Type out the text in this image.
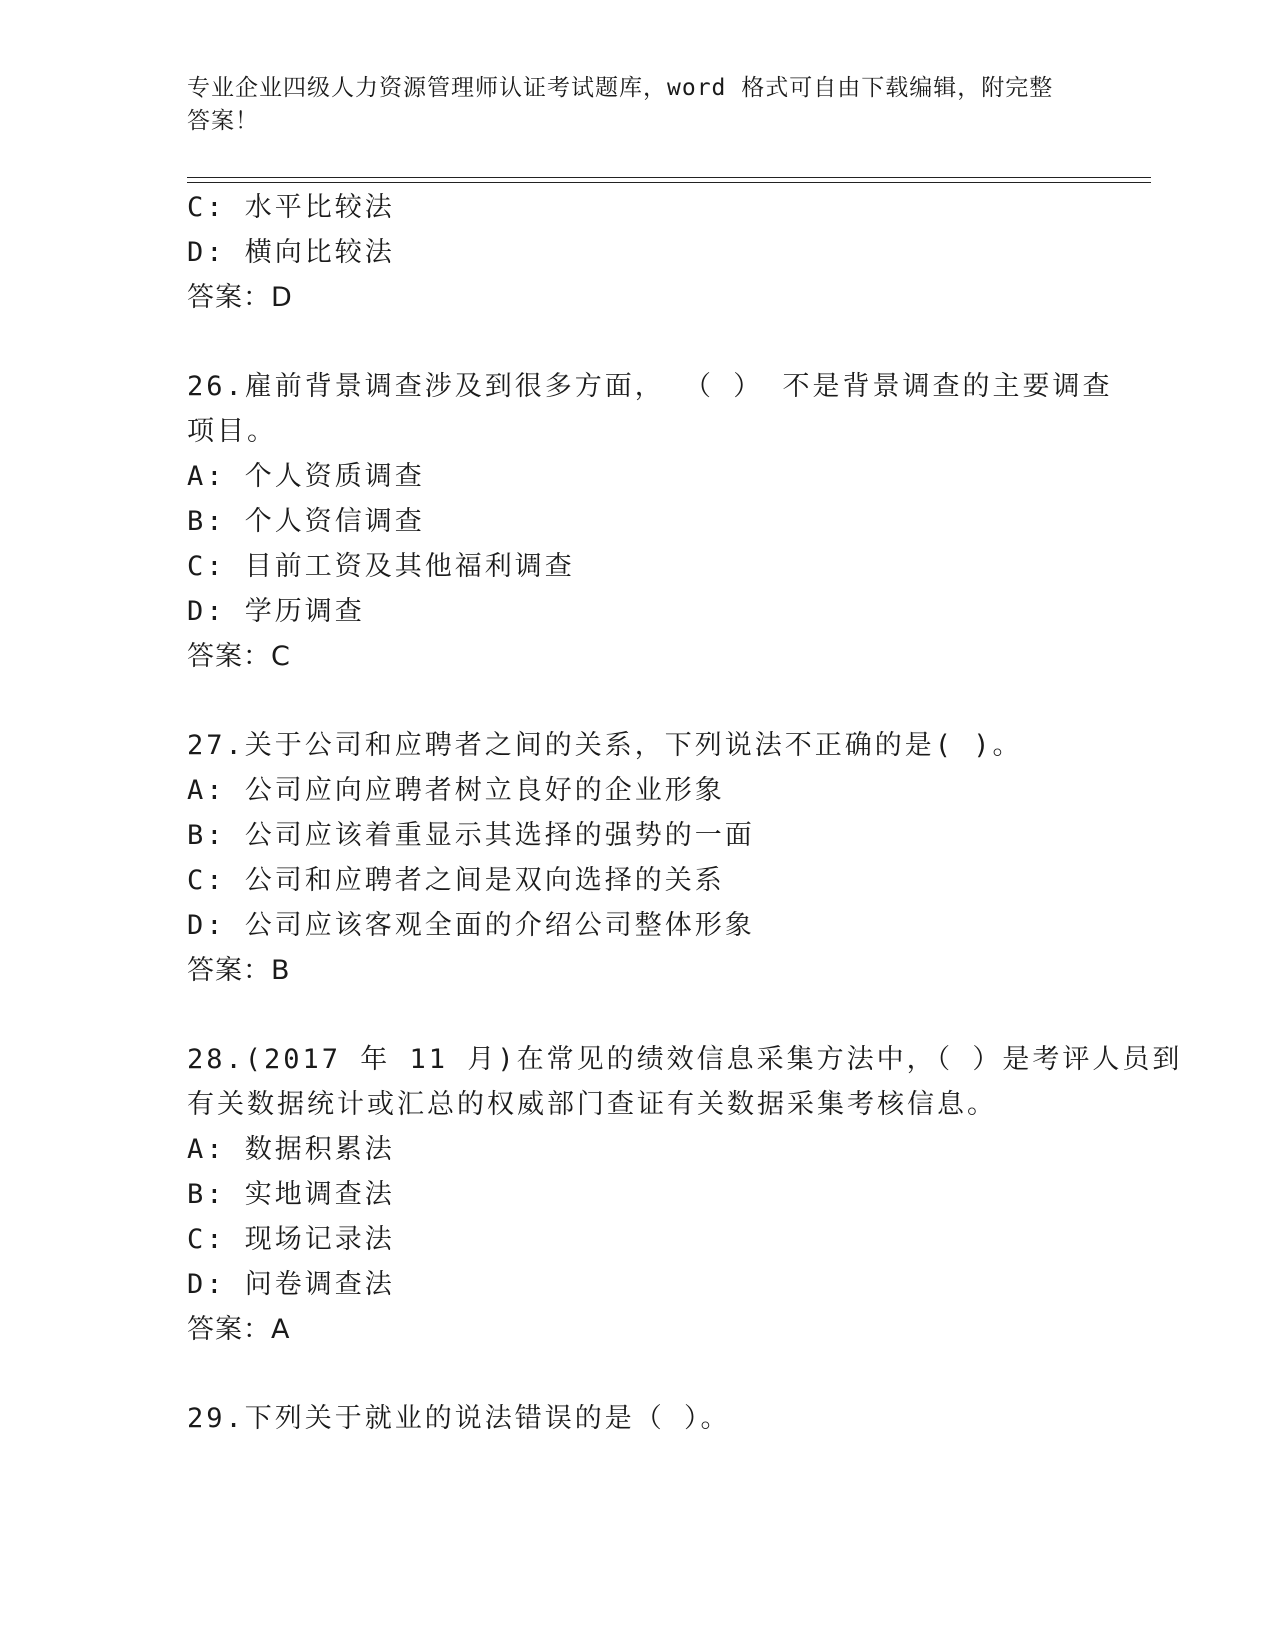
专业企业四级人力资源管理师认证考试题库，word 格式可自由下载编辑，附完整答案！
C: 水平比较法
D: 横向比较法
答案：D
26.雇前背景调查涉及到很多方面， （ ） 不是背景调查的主要调查
项目。
A: 个人资质调查
B: 个人资信调查
C: 目前工资及其他福利调查
D: 学历调查
答案：C
27.关于公司和应聘者之间的关系，下列说法不正确的是( )。
A: 公司应向应聘者树立良好的企业形象
B: 公司应该着重显示其选择的强势的一面
C: 公司和应聘者之间是双向选择的关系
D: 公司应该客观全面的介绍公司整体形象
答案：B
28.(2017 年 11 月)在常见的绩效信息采集方法中，（ ）是考评人员到
有关数据统计或汇总的权威部门查证有关数据采集考核信息。
A: 数据积累法
B: 实地调查法
C: 现场记录法
D: 问卷调查法
答案：A
29.下列关于就业的说法错误的是（ ）。
